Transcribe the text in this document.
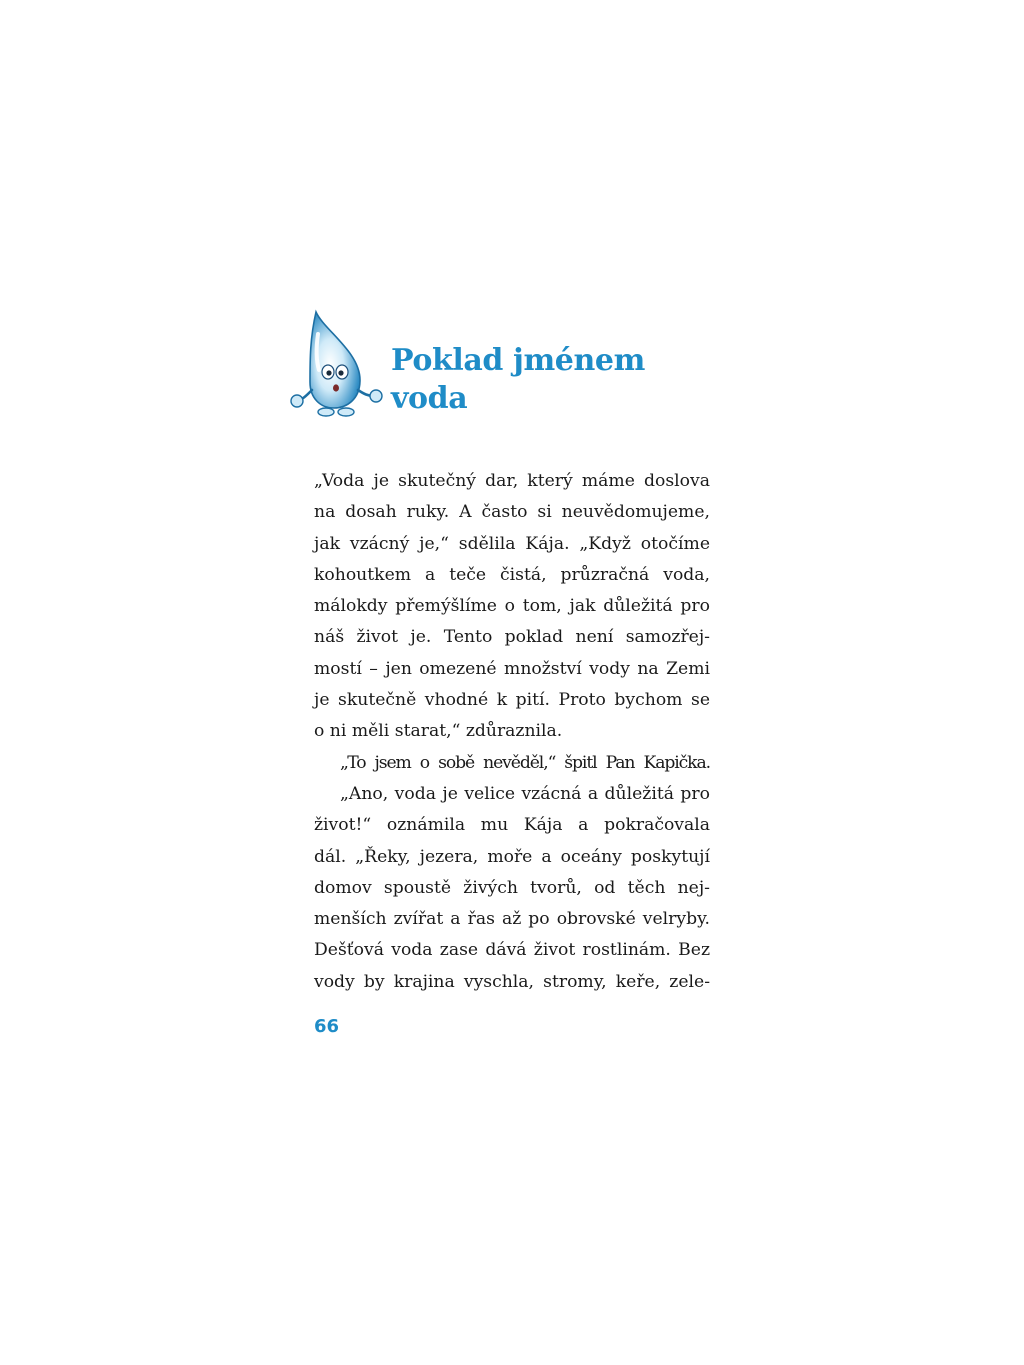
Poklad jménem
voda
„Voda je skutečný dar, který máme doslova
na dosah ruky. A často si neuvědomujeme,
jak vzácný je,“ sdělila Kája. „Když otočíme
kohoutkem a teče čistá, průzračná voda,
málokdy přemýšlíme o tom, jak důležitá pro
náš život je. Tento poklad není samozřej-
mostí – jen omezené množství vody na Zemi
je skutečně vhodné k pití. Proto bychom se
o ni měli starat,“ zdůraznila.
„To jsem o sobě nevěděl,“ špitl Pan Kapička.
„Ano, voda je velice vzácná a důležitá pro
život!“ oznámila mu Kája a pokračovala
dál. „Řeky, jezera, moře a oceány poskytují
domov spoustě živých tvorů, od těch nej-
menších zvířat a řas až po obrovské velryby.
Dešťová voda zase dává život rostlinám. Bez
vody by krajina vyschla, stromy, keře, zele-
66
